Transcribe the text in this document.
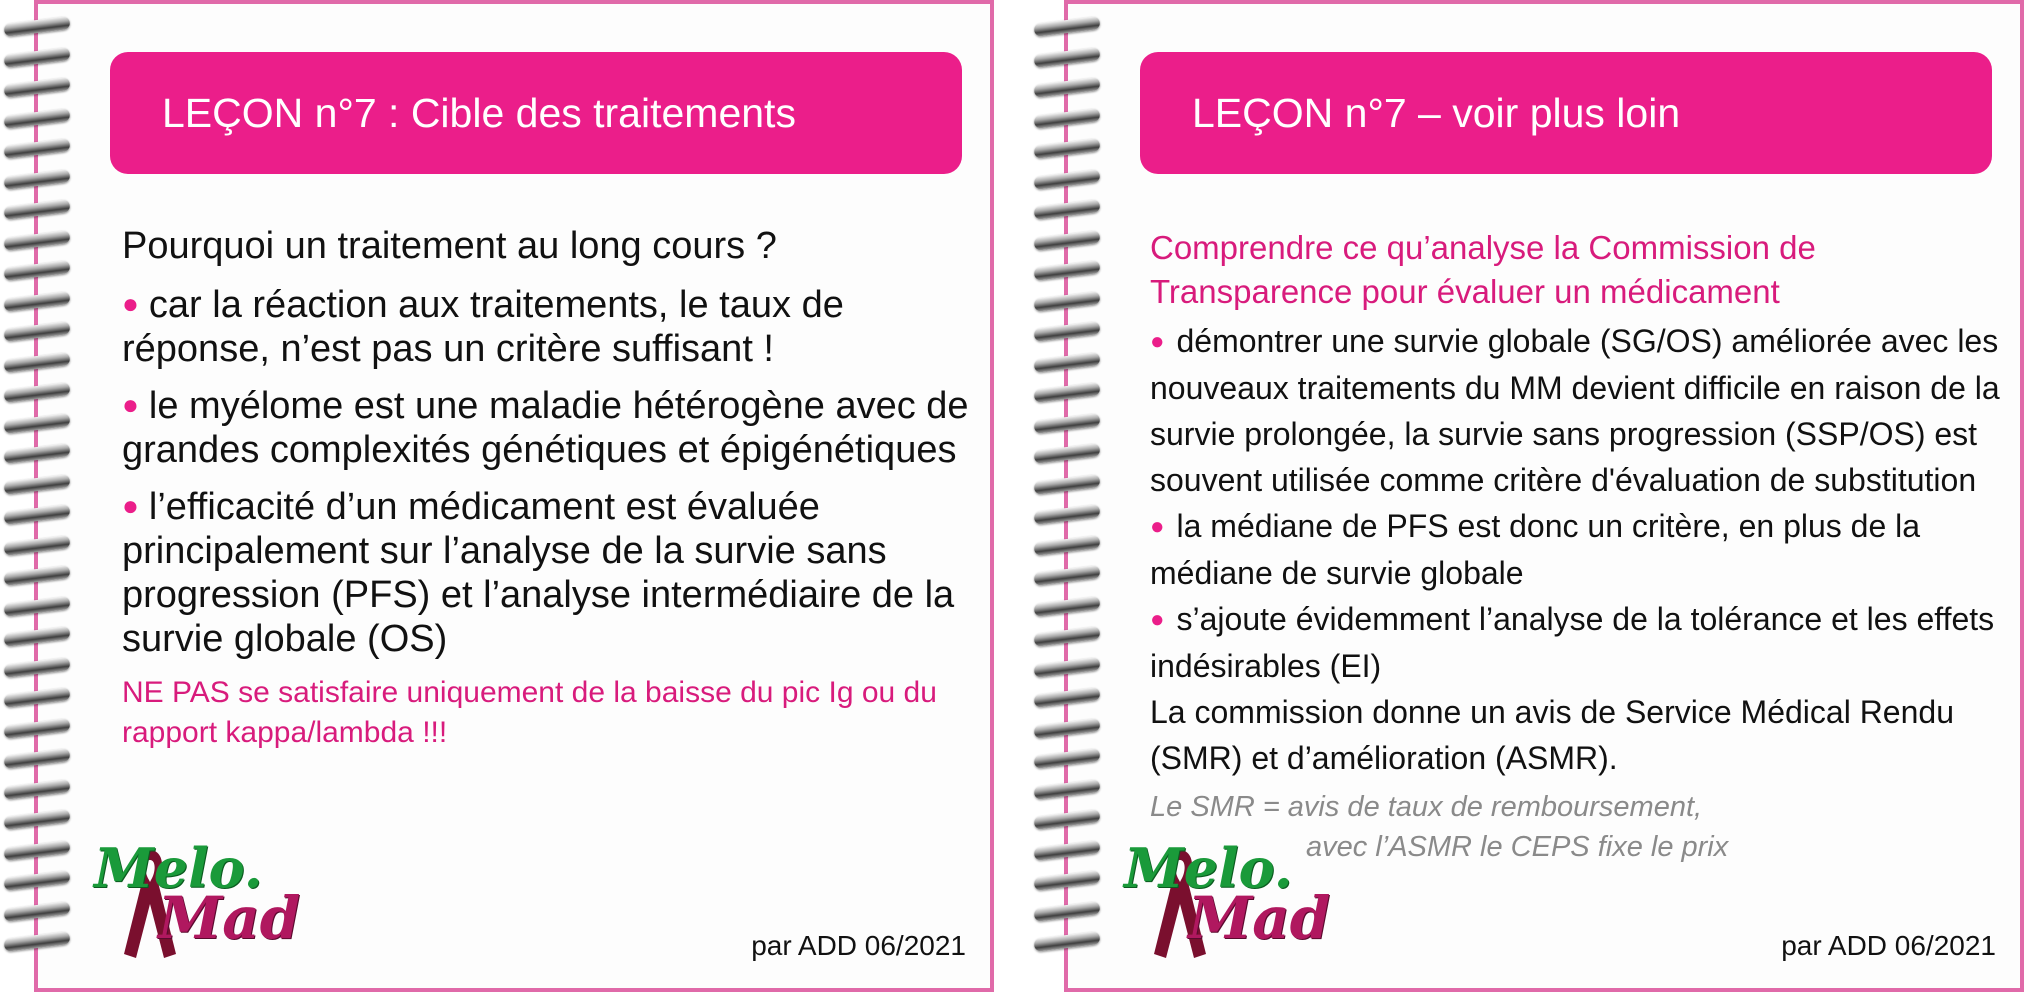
LEÇON n°7 : Cible des traitements
Pourquoi un traitement au long cours ?
● car la réaction aux traitements, le taux de réponse, n’est pas un critère suffisant !
● le myélome est une maladie hétérogène avec de grandes complexités génétiques et épigénétiques
● l’efficacité d’un médicament est évaluée principalement sur l’analyse de la survie sans progression (PFS) et l’analyse intermédiaire de la survie globale (OS)
NE PAS se satisfaire uniquement de la baisse du pic Ig ou du rapport kappa/lambda !!!
Melo.
Mad	par ADD 06/2021
LEÇON n°7 – voir plus loin
Comprendre ce qu’analyse la Commission de Transparence pour évaluer un médicament
● démontrer une survie globale (SG/OS) améliorée avec les nouveaux traitements du MM devient difficile en raison de la survie prolongée, la survie sans progression (SSP/OS) est souvent utilisée comme critère d'évaluation de substitution
● la médiane de PFS est donc un critère, en plus de la médiane de survie globale
● s’ajoute évidemment l’analyse de la tolérance et les effets indésirables (EI)
La commission donne un avis de Service Médical Rendu (SMR) et d’amélioration (ASMR).
Le SMR = avis de taux de remboursement,
avec l’ASMR le CEPS fixe le prix
Melo.
Mad	par ADD 06/2021
